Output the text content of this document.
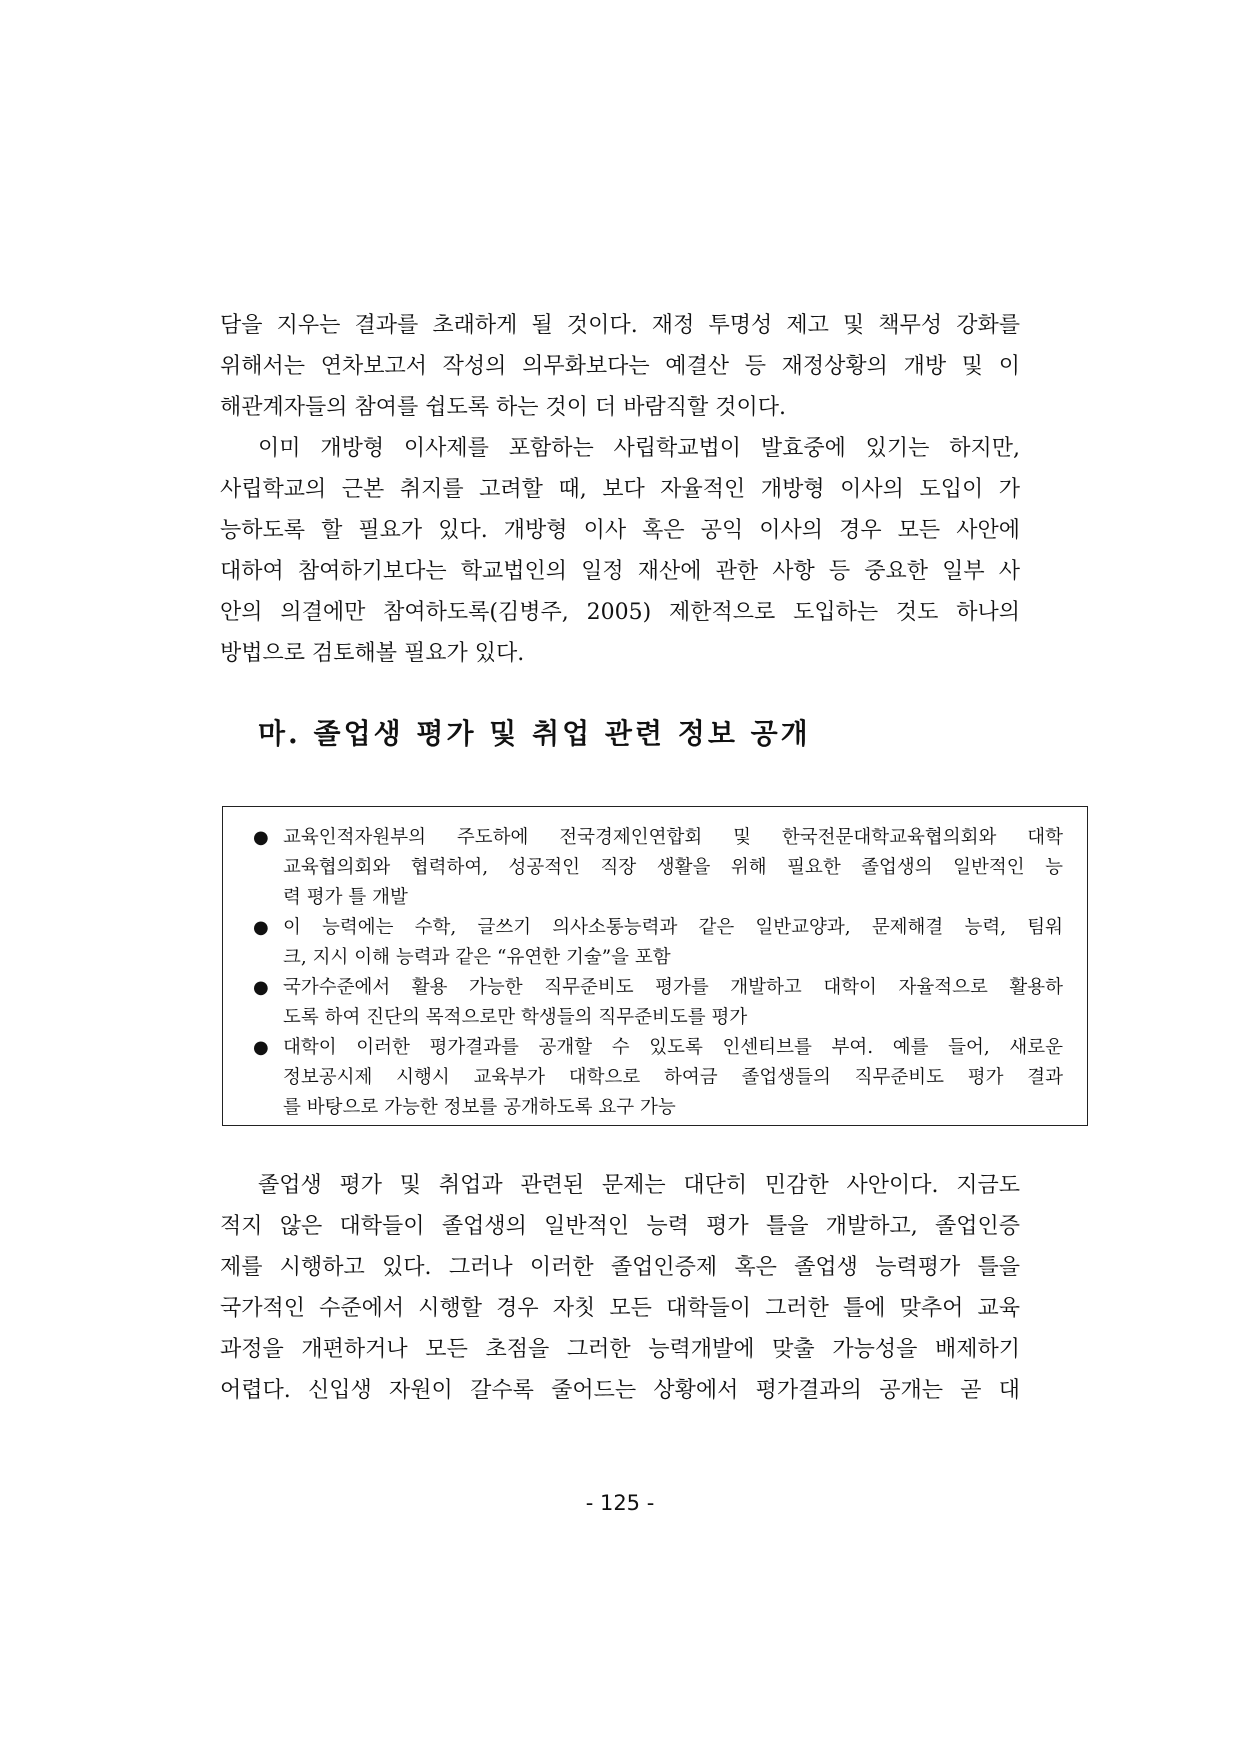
담을 지우는 결과를 초래하게 될 것이다. 재정 투명성 제고 및 책무성 강화를
위해서는 연차보고서 작성의 의무화보다는 예결산 등 재정상황의 개방 및 이
해관계자들의 참여를 쉽도록 하는 것이 더 바람직할 것이다.
이미 개방형 이사제를 포함하는 사립학교법이 발효중에 있기는 하지만,
사립학교의 근본 취지를 고려할 때, 보다 자율적인 개방형 이사의 도입이 가
능하도록 할 필요가 있다. 개방형 이사 혹은 공익 이사의 경우 모든 사안에
대하여 참여하기보다는 학교법인의 일정 재산에 관한 사항 등 중요한 일부 사
안의 의결에만 참여하도록(김병주, 2005) 제한적으로 도입하는 것도 하나의
방법으로 검토해볼 필요가 있다.
마. 졸업생 평가 및 취업 관련 정보 공개
● 교육인적자원부의 주도하에 전국경제인연합회 및 한국전문대학교육협의회와 대학
교육협의회와 협력하여, 성공적인 직장 생활을 위해 필요한 졸업생의 일반적인 능
력 평가 틀 개발
● 이 능력에는 수학, 글쓰기 의사소통능력과 같은 일반교양과, 문제해결 능력, 팀워
크, 지시 이해 능력과 같은 “유연한 기술”을 포함
● 국가수준에서 활용 가능한 직무준비도 평가를 개발하고 대학이 자율적으로 활용하
도록 하여 진단의 목적으로만 학생들의 직무준비도를 평가
● 대학이 이러한 평가결과를 공개할 수 있도록 인센티브를 부여. 예를 들어, 새로운
정보공시제 시행시 교육부가 대학으로 하여금 졸업생들의 직무준비도 평가 결과
를 바탕으로 가능한 정보를 공개하도록 요구 가능
졸업생 평가 및 취업과 관련된 문제는 대단히 민감한 사안이다. 지금도
적지 않은 대학들이 졸업생의 일반적인 능력 평가 틀을 개발하고, 졸업인증
제를 시행하고 있다. 그러나 이러한 졸업인증제 혹은 졸업생 능력평가 틀을
국가적인 수준에서 시행할 경우 자칫 모든 대학들이 그러한 틀에 맞추어 교육
과정을 개편하거나 모든 초점을 그러한 능력개발에 맞출 가능성을 배제하기
어렵다. 신입생 자원이 갈수록 줄어드는 상황에서 평가결과의 공개는 곧 대
- 125 -
